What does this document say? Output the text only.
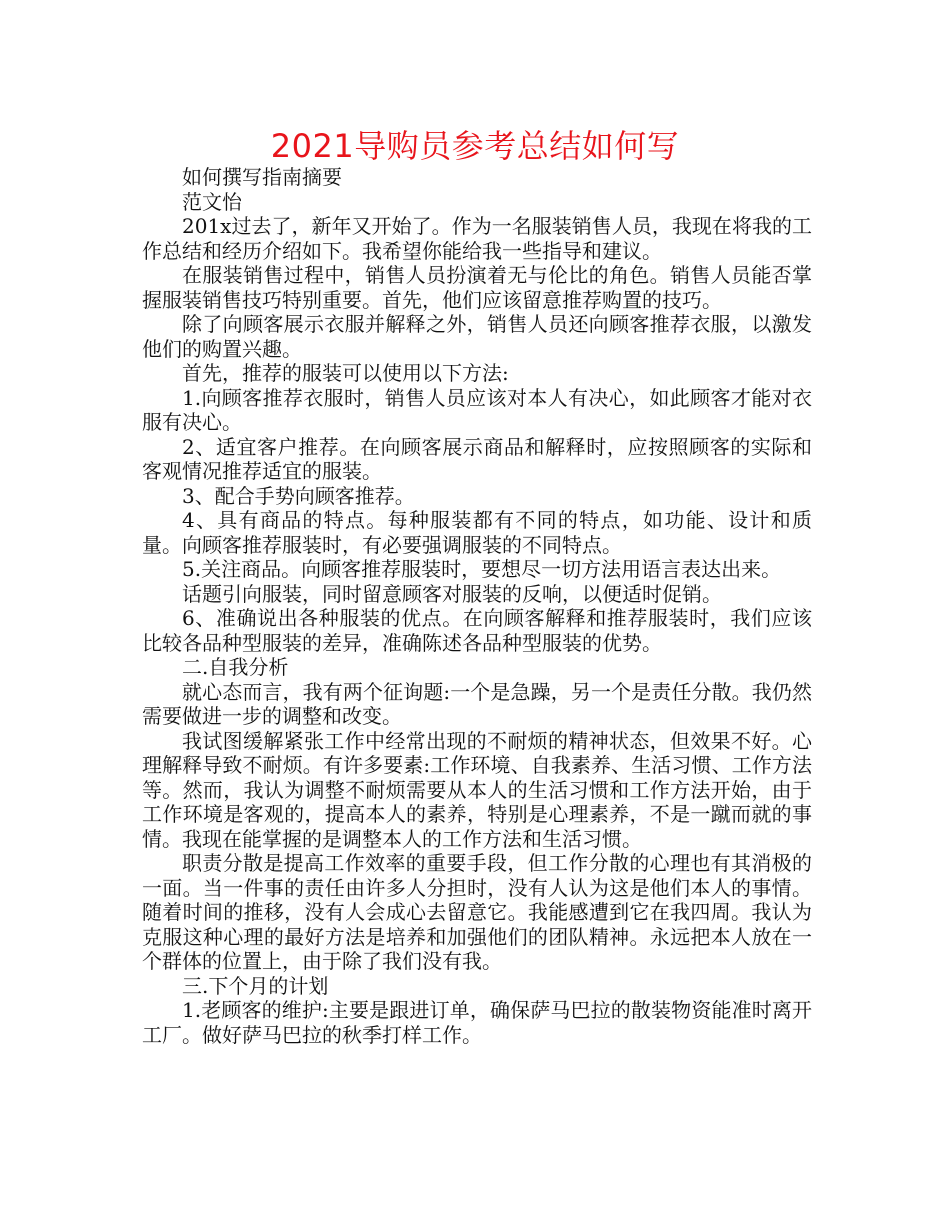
2021导购员参考总结如何写

如何撰写指南摘要

范文怡

201x过去了，新年又开始了。作为一名服装销售人员，我现在将我的工作总结和经历介绍如下。我希望你能给我一些指导和建议。

在服装销售过程中，销售人员扮演着无与伦比的角色。销售人员能否掌握服装销售技巧特别重要。首先，他们应该留意推荐购置的技巧。

除了向顾客展示衣服并解释之外，销售人员还向顾客推荐衣服，以激发他们的购置兴趣。

首先，推荐的服装可以使用以下方法:

1.向顾客推荐衣服时，销售人员应该对本人有决心，如此顾客才能对衣服有决心。

2、适宜客户推荐。在向顾客展示商品和解释时，应按照顾客的实际和客观情况推荐适宜的服装。

3、配合手势向顾客推荐。

4、具有商品的特点。每种服装都有不同的特点，如功能、设计和质量。向顾客推荐服装时，有必要强调服装的不同特点。

5.关注商品。向顾客推荐服装时，要想尽一切方法用语言表达出来。

话题引向服装，同时留意顾客对服装的反响，以便适时促销。

6、准确说出各种服装的优点。在向顾客解释和推荐服装时，我们应该比较各品种型服装的差异，准确陈述各品种型服装的优势。

二.自我分析

就心态而言，我有两个征询题:一个是急躁，另一个是责任分散。我仍然需要做进一步的调整和改变。

我试图缓解紧张工作中经常出现的不耐烦的精神状态，但效果不好。心理解释导致不耐烦。有许多要素:工作环境、自我素养、生活习惯、工作方法等。然而，我认为调整不耐烦需要从本人的生活习惯和工作方法开始，由于工作环境是客观的，提高本人的素养，特别是心理素养，不是一蹴而就的事情。我现在能掌握的是调整本人的工作方法和生活习惯。

职责分散是提高工作效率的重要手段，但工作分散的心理也有其消极的一面。当一件事的责任由许多人分担时，没有人认为这是他们本人的事情。随着时间的推移，没有人会成心去留意它。我能感遭到它在我四周。我认为克服这种心理的最好方法是培养和加强他们的团队精神。永远把本人放在一个群体的位置上，由于除了我们没有我。

三.下个月的计划

1.老顾客的维护:主要是跟进订单，确保萨马巴拉的散装物资能准时离开工厂。做好萨马巴拉的秋季打样工作。
